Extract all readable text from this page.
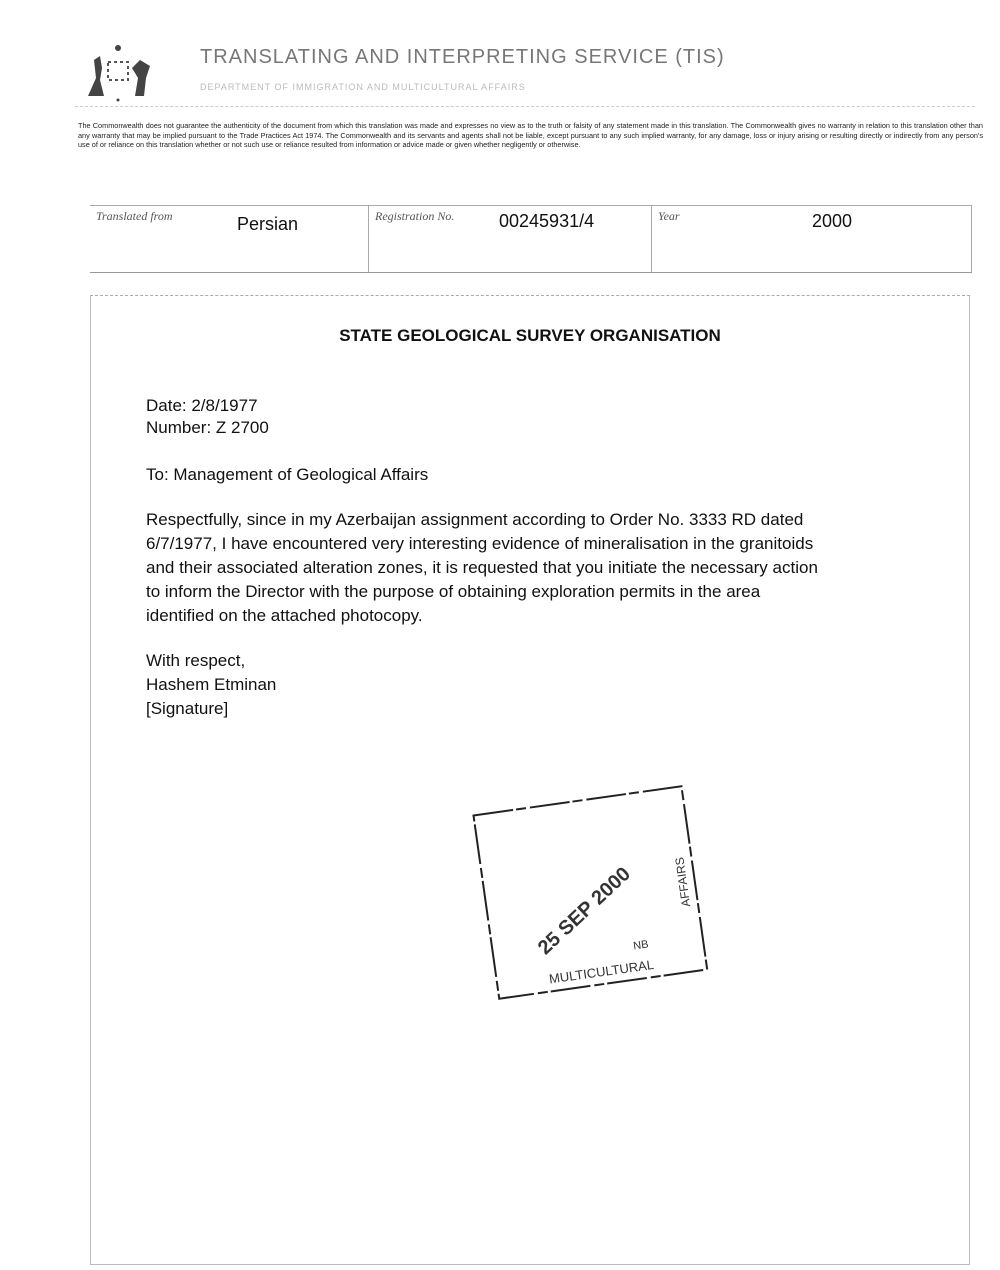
TRANSLATING AND INTERPRETING SERVICE (TIS)
DEPARTMENT OF IMMIGRATION AND MULTICULTURAL AFFAIRS
The Commonwealth does not guarantee the authenticity of the document from which this translation was made and expresses no view as to the truth or falsity of any statement made in this translation. The Commonwealth gives no warranty in relation to this translation other than any warranty that may be implied pursuant to the Trade Practices Act 1974. The Commonwealth and its servants and agents shall not be liable, except pursuant to any such implied warranty, for any damage, loss or injury arising or resulting directly or indirectly from any person's use of or reliance on this translation whether or not such use or reliance resulted from information or advice made or given whether negligently or otherwise.
Translated from	Persian	Registration No. 00245931/4	Year	2000
STATE GEOLOGICAL SURVEY ORGANISATION
Date: 2/8/1977
Number: Z 2700
To: Management of Geological Affairs
Respectfully, since in my Azerbaijan assignment according to Order No. 3333 RD dated
6/7/1977, I have encountered very interesting evidence of mineralisation in the granitoids
and their associated alteration zones, it is requested that you initiate the necessary action
to inform the Director with the purpose of obtaining exploration permits in the area
identified on the attached photocopy.
With respect,
Hashem Etminan
[Signature]
25 SEP 2000
MULTICULTURAL
AFFAIRS
NB
